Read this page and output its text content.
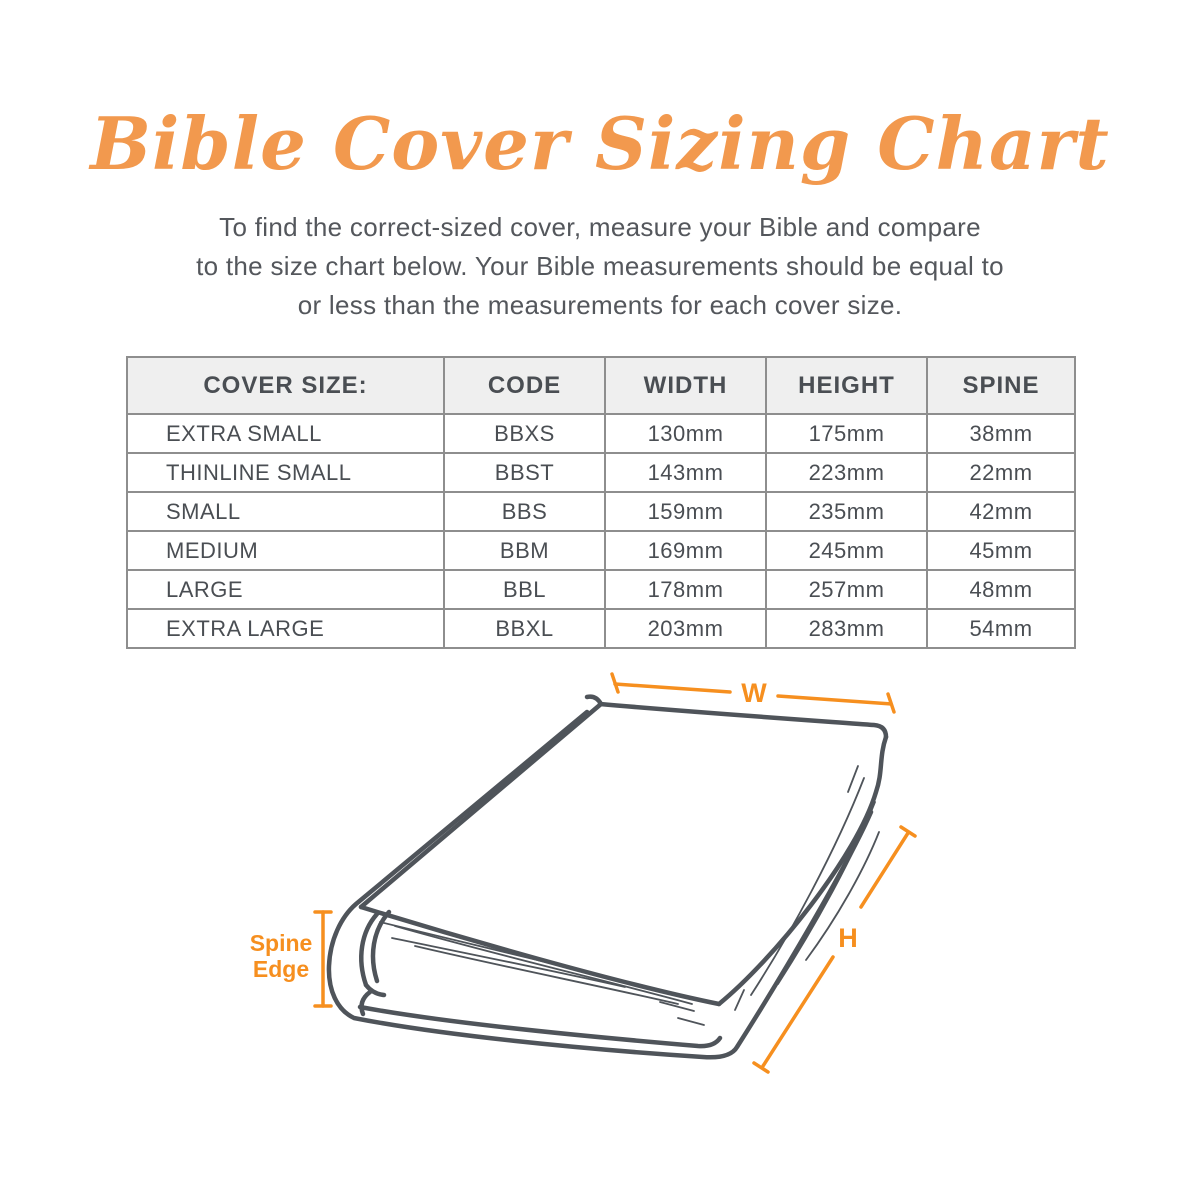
Bible Cover Sizing Chart
To find the correct-sized cover, measure your Bible and compare
to the size chart below. Your Bible measurements should be equal to
or less than the measurements for each cover size.
COVER SIZE:	CODE	WIDTH	HEIGHT	SPINE
EXTRA SMALL	BBXS	130mm	175mm	38mm
THINLINE SMALL	BBST	143mm	223mm	22mm
SMALL	BBS	159mm	235mm	42mm
MEDIUM	BBM	169mm	245mm	45mm
LARGE	BBL	178mm	257mm	48mm
EXTRA LARGE	BBXL	203mm	283mm	54mm
W
H
Spine
Edge
